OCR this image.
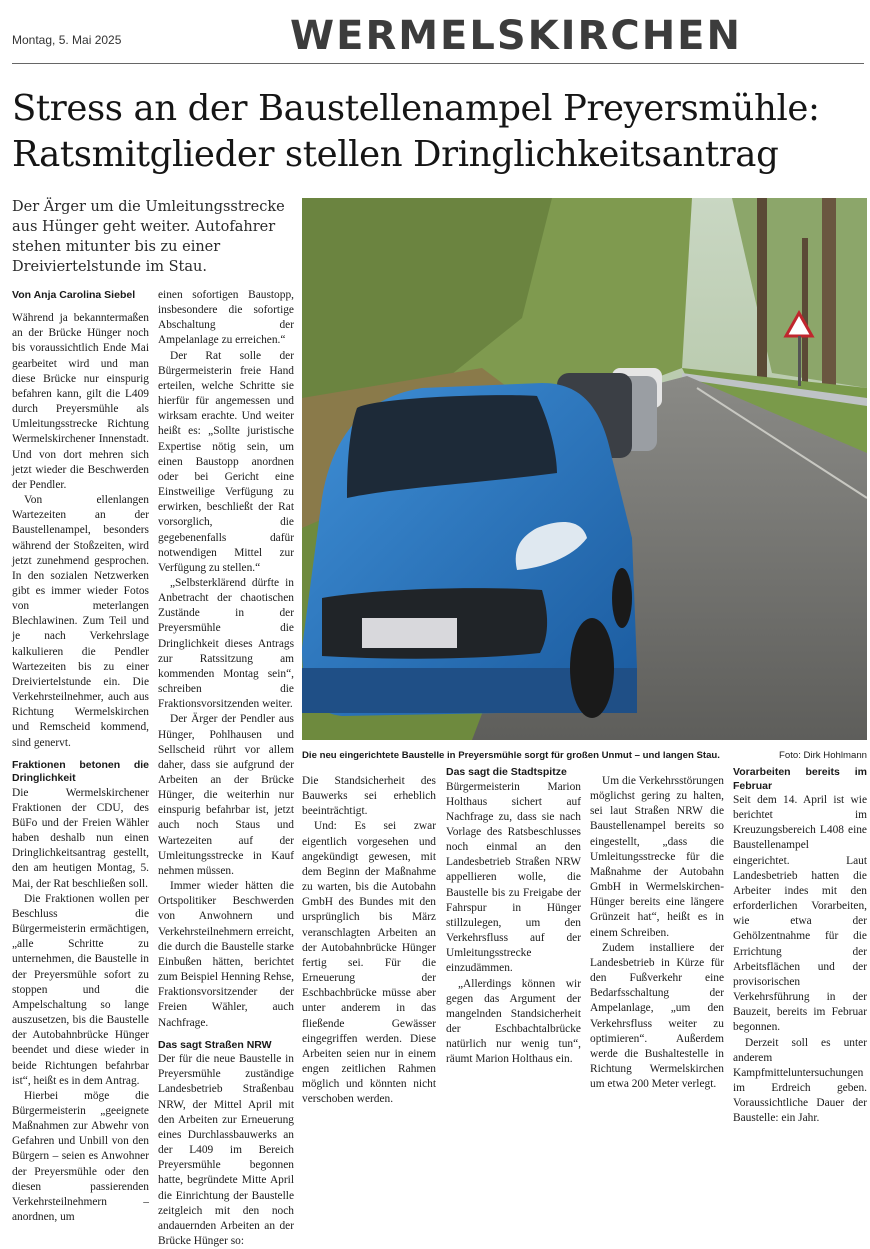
Montag, 5. Mai 2025	WERMELSKIRCHEN
Stress an der Baustellenampel Preyersmühle:
Ratsmitglieder stellen Dringlichkeitsantrag
Der Ärger um die Umleitungsstrecke aus Hünger geht weiter. Autofahrer stehen mitunter bis zu einer Dreiviertelstunde im Stau.

Von Anja Carolina Siebel

Während ja bekanntermaßen an der Brücke Hünger noch bis voraussichtlich Ende Mai gearbeitet wird und man diese Brücke nur einspurig befahren kann, gilt die L409 durch Preyersmühle als Umleitungsstrecke Richtung Wermelskirchener Innenstadt. Und von dort mehren sich jetzt wieder die Beschwerden der Pendler.

Von ellenlangen Wartezeiten an der Baustellenampel, besonders während der Stoßzeiten, wird jetzt zunehmend gesprochen. In den sozialen Netzwerken gibt es immer wieder Fotos von meterlangen Blechlawinen. Zum Teil und je nach Verkehrslage kalkulieren die Pendler Wartezeiten bis zu einer Dreiviertelstunde ein. Die Verkehrsteilnehmer, auch aus Richtung Wermelskirchen und Remscheid kommend, sind genervt.

Fraktionen betonen die Dringlichkeit

Die Wermelskirchener Fraktionen der CDU, des BüFo und der Freien Wähler haben deshalb nun einen Dringlichkeitsantrag gestellt, den am heutigen Montag, 5. Mai, der Rat beschließen soll.

Die Fraktionen wollen per Beschluss die Bürgermeisterin ermächtigen, „alle Schritte zu unternehmen, die Baustelle in der Preyersmühle sofort zu stoppen und die Ampelschaltung so lange auszusetzen, bis die Baustelle der Autobahnbrücke Hünger beendet und diese wieder in beide Richtungen befahrbar ist“, heißt es in dem Antrag.

Hierbei möge die Bürgermeisterin „geeignete Maßnahmen zur Abwehr von Gefahren und Unbill von den Bürgern – seien es Anwohner der Preyersmühle oder den diesen passierenden Verkehrsteilnehmern – anordnen, um

einen sofortigen Baustopp, insbesondere die sofortige Abschaltung der Ampelanlage zu erreichen.“

Der Rat solle der Bürgermeisterin freie Hand erteilen, welche Schritte sie hierfür für angemessen und wirksam erachte. Und weiter heißt es: „Sollte juristische Expertise nötig sein, um einen Baustopp anordnen oder bei Gericht eine Einstweilige Verfügung zu erwirken, beschließt der Rat vorsorglich, die gegebenenfalls dafür notwendigen Mittel zur Verfügung zu stellen.“

„Selbsterklärend dürfte in Anbetracht der chaotischen Zustände in der Preyersmühle die Dringlichkeit dieses Antrags zur Ratssitzung am kommenden Montag sein“, schreiben die Fraktionsvorsitzenden weiter.

Der Ärger der Pendler aus Hünger, Pohlhausen und Sellscheid rührt vor allem daher, dass sie aufgrund der Arbeiten an der Brücke Hünger, die weiterhin nur einspurig befahrbar ist, jetzt auch noch Staus und Wartezeiten auf der Umleitungsstrecke in Kauf nehmen müssen.

Immer wieder hätten die Ortspolitiker Beschwerden von Anwohnern und Verkehrsteilnehmern erreicht, die durch die Baustelle starke Einbußen hätten, berichtet zum Beispiel Henning Rehse, Fraktionsvorsitzender der Freien Wähler, auch Nachfrage.

Das sagt Straßen NRW

Der für die neue Baustelle in Preyersmühle zuständige Landesbetrieb Straßenbau NRW, der Mittel April mit den Arbeiten zur Erneuerung eines Durchlassbauwerks an der L409 im Bereich Preyersmühle begonnen hatte, begründete Mitte April die Einrichtung der Baustelle zeitgleich mit den noch andauernden Arbeiten an der Brücke Hünger so:

Die neu eingerichtete Baustelle in Preyersmühle sorgt für großen Unmut – und langen Stau.	Foto: Dirk Hohlmann

Die Standsicherheit des Bauwerks sei erheblich beeinträchtigt.

Und: Es sei zwar eigentlich vorgesehen und angekündigt gewesen, mit dem Beginn der Maßnahme zu warten, bis die Autobahn GmbH des Bundes mit den ursprünglich bis März veranschlagten Arbeiten an der Autobahnbrücke Hünger fertig sei. Für die Erneuerung der Eschbachbrücke müsse aber unter anderem in das fließende Gewässer eingegriffen werden. Diese Arbeiten seien nur in einem engen zeitlichen Rahmen möglich und könnten nicht verschoben werden.

Das sagt die Stadtspitze

Bürgermeisterin Marion Holthaus sichert auf Nachfrage zu, dass sie nach Vorlage des Ratsbeschlusses noch einmal an den Landesbetrieb Straßen NRW appellieren wolle, die Baustelle bis zu Freigabe der Fahrspur in Hünger stillzulegen, um den Verkehrsfluss auf der Umleitungsstrecke einzudämmen.

„Allerdings können wir gegen das Argument der mangelnden Standsicherheit der Eschbachtalbrücke natürlich nur wenig tun“, räumt Marion Holthaus ein.

Um die Verkehrsstörungen möglichst gering zu halten, sei laut Straßen NRW die Baustellenampel bereits so eingestellt, „dass die Umleitungsstrecke für die Maßnahme der Autobahn GmbH in Wermelskirchen-Hünger bereits eine längere Grünzeit hat“, heißt es in einem Schreiben.

Zudem installiere der Landesbetrieb in Kürze für den Fußverkehr eine Bedarfsschaltung der Ampelanlage, „um den Verkehrsfluss weiter zu optimieren“. Außerdem werde die Bushaltestelle in Richtung Wermelskirchen um etwa 200 Meter verlegt.

Vorarbeiten bereits im Februar

Seit dem 14. April ist wie berichtet im Kreuzungsbereich L408 eine Baustellenampel eingerichtet. Laut Landesbetrieb hatten die Arbeiter indes mit den erforderlichen Vorarbeiten, wie etwa der Gehölzentnahme für die Errichtung der Arbeitsflächen und der provisorischen Verkehrsführung in der Bauzeit, bereits im Februar begonnen.

Derzeit soll es unter anderem Kampfmitteluntersuchungen im Erdreich geben. Voraussichtliche Dauer der Baustelle: ein Jahr.
